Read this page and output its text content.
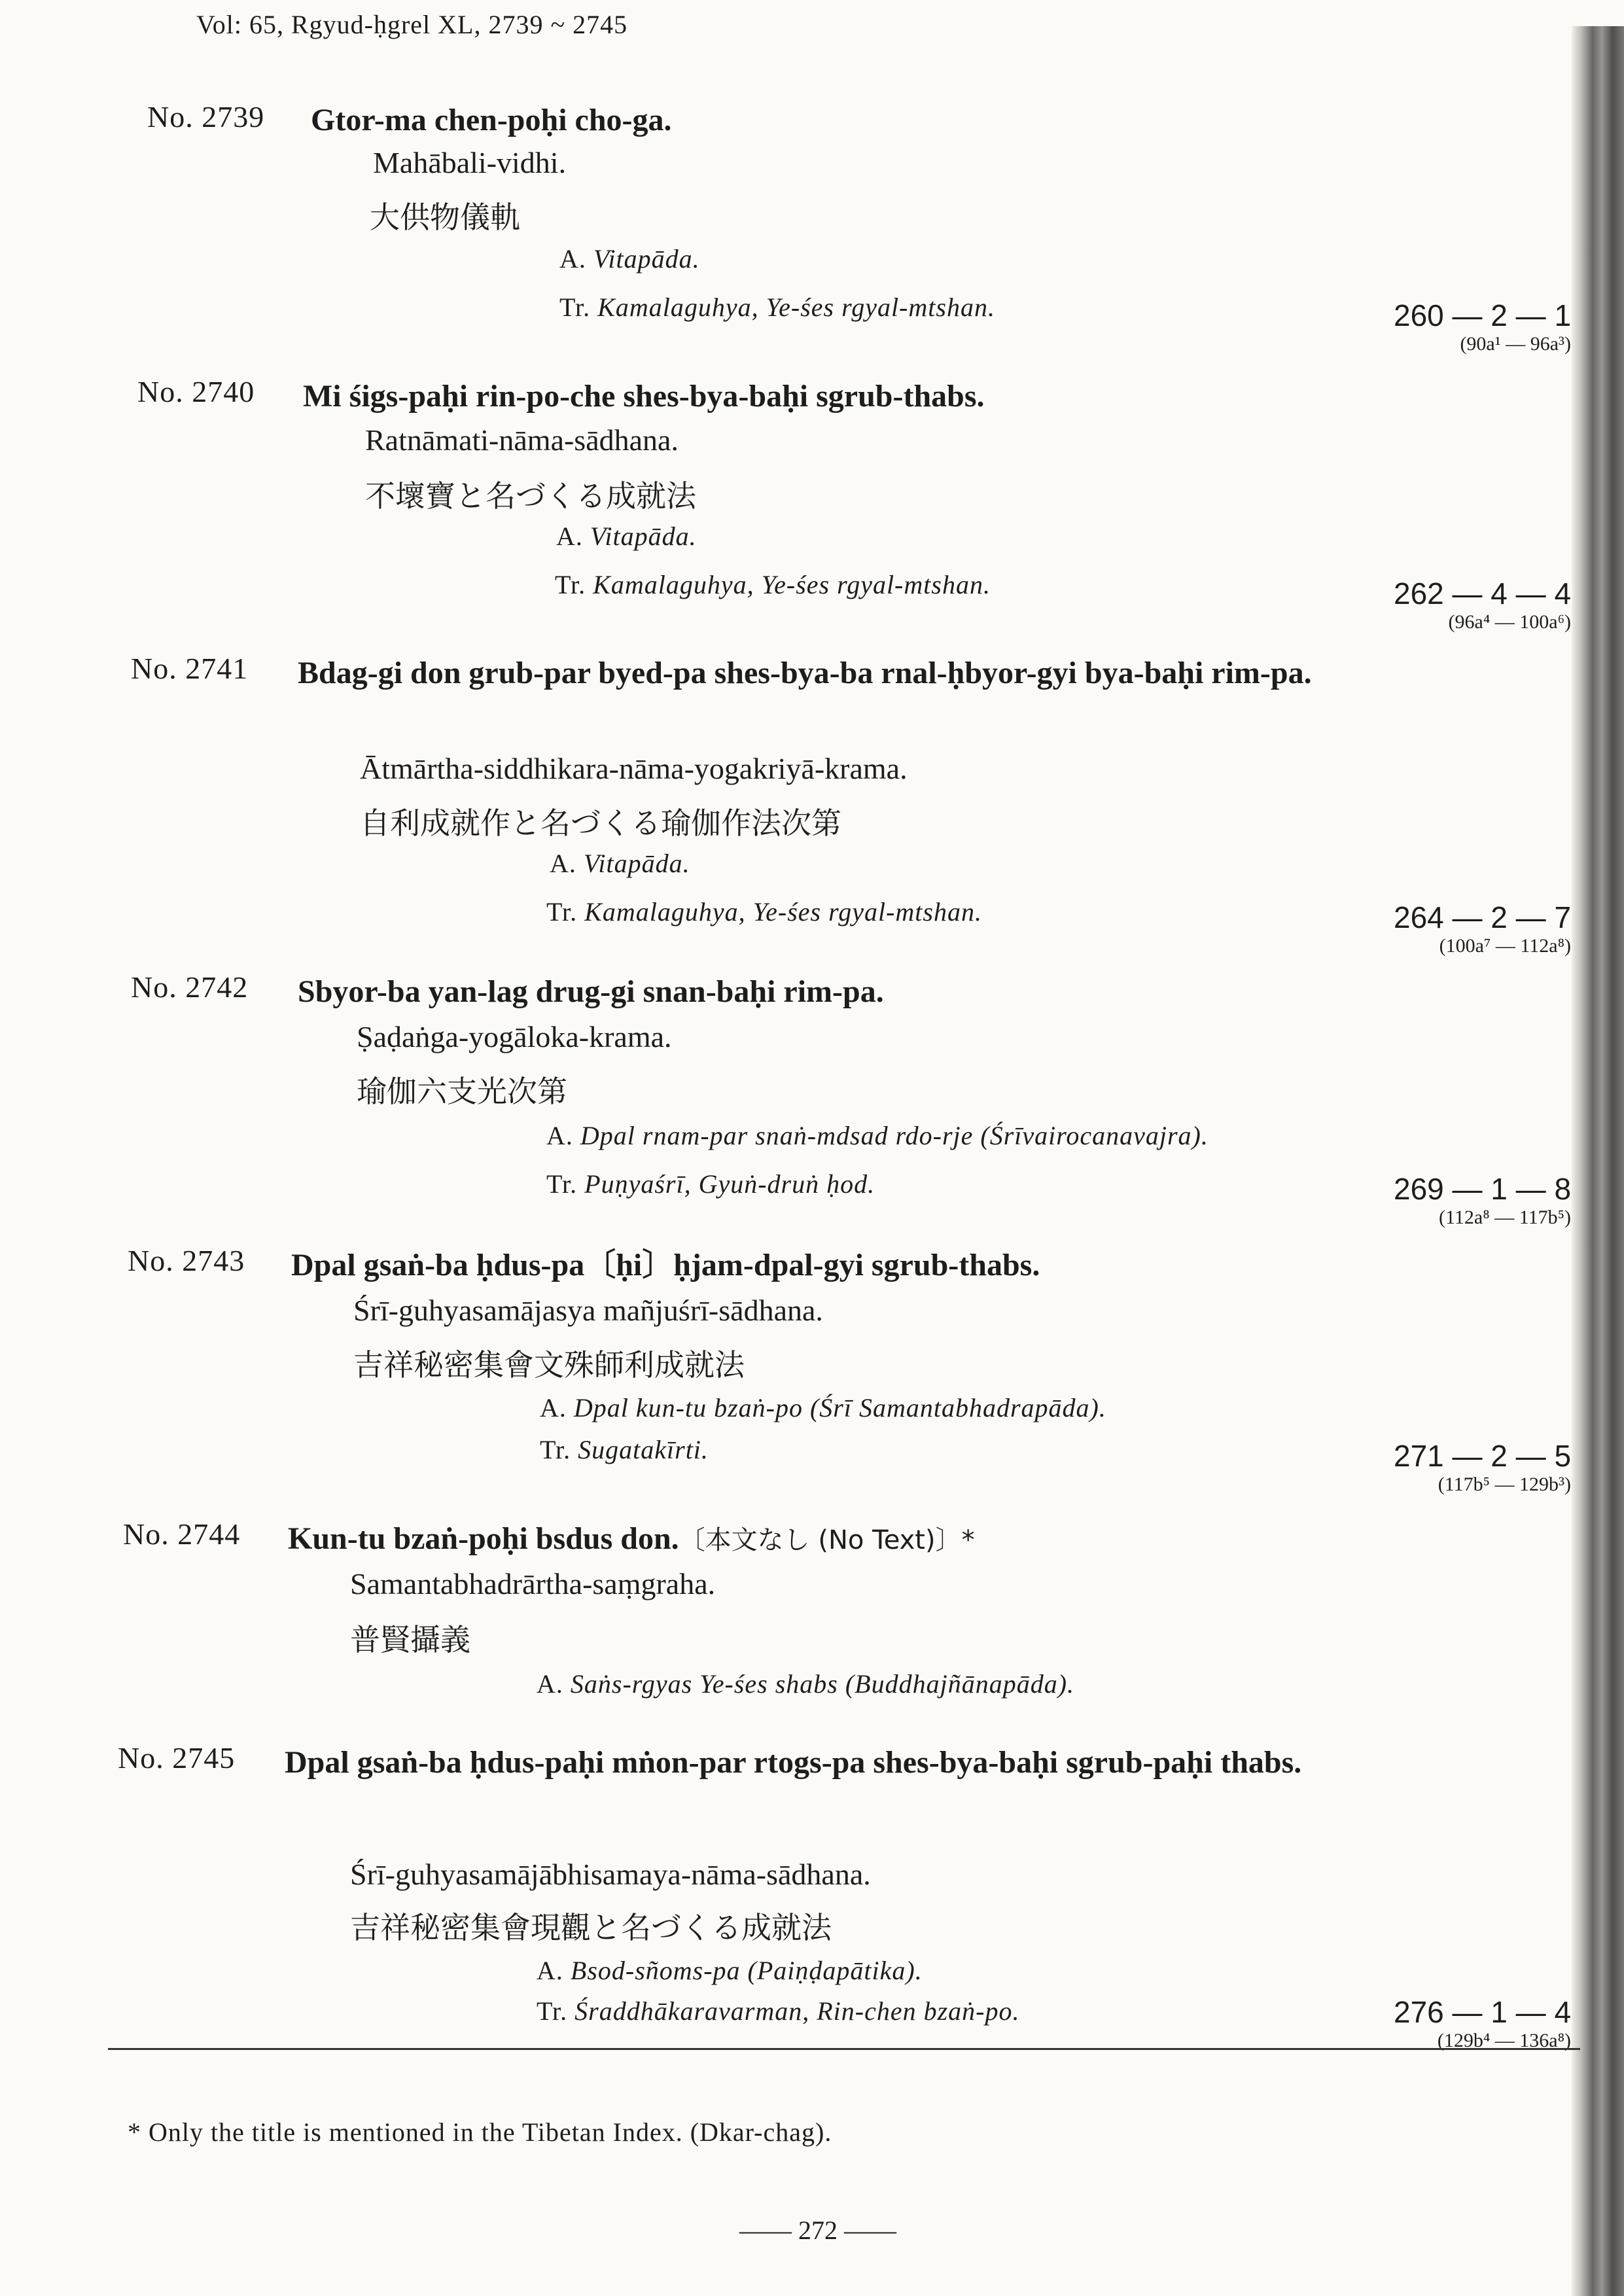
Vol: 65, Rgyud-ḥgrel XL, 2739 ~ 2745
No. 2739 Gtor-ma chen-poḥi cho-ga.
Mahābali-vidhi.
大供物儀軌
A. Vitapāda.
Tr. Kamalaguhya, Ye-śes rgyal-mtshan.	260 — 2 — 1
(90a¹ — 96a³)
No. 2740 Mi śigs-paḥi rin-po-che shes-bya-baḥi sgrub-thabs.
Ratnāmati-nāma-sādhana.
不壞寶と名づくる成就法
A. Vitapāda.
Tr. Kamalaguhya, Ye-śes rgyal-mtshan.	262 — 4 — 4
(96a⁴ — 100a⁶)
No. 2741 Bdag-gi don grub-par byed-pa shes-bya-ba rnal-ḥbyor-gyi bya-baḥi rim-pa.
Ātmārtha-siddhikara-nāma-yogakriyā-krama.
自利成就作と名づくる瑜伽作法次第
A. Vitapāda.
Tr. Kamalaguhya, Ye-śes rgyal-mtshan.	264 — 2 — 7
(100a⁷ — 112a⁸)
No. 2742 Sbyor-ba yan-lag drug-gi snan-baḥi rim-pa.
Ṣaḍaṅga-yogāloka-krama.
瑜伽六支光次第
A. Dpal rnam-par snaṅ-mdsad rdo-rje (Śrīvairocanavajra).
Tr. Puṇyaśrī, Gyuṅ-druṅ ḥod.	269 — 1 — 8
(112a⁸ — 117b⁵)
No. 2743 Dpal gsaṅ-ba ḥdus-pa〔ḥi〕ḥjam-dpal-gyi sgrub-thabs.
Śrī-guhyasamājasya mañjuśrī-sādhana.
吉祥秘密集會文殊師利成就法
A. Dpal kun-tu bzaṅ-po (Śrī Samantabhadrapāda).
Tr. Sugatakīrti.	271 — 2 — 5
(117b⁵ — 129b³)
No. 2744 Kun-tu bzaṅ-poḥi bsdus don.〔本文なし (No Text)〕*
Samantabhadrārtha-saṃgraha.
普賢攝義
A. Saṅs-rgyas Ye-śes shabs (Buddhajñānapāda).
No. 2745 Dpal gsaṅ-ba ḥdus-paḥi mṅon-par rtogs-pa shes-bya-baḥi sgrub-paḥi thabs.
Śrī-guhyasamājābhisamaya-nāma-sādhana.
吉祥秘密集會現觀と名づくる成就法
A. Bsod-sñoms-pa (Paiṇḍapātika).
Tr. Śraddhākaravarman, Rin-chen bzaṅ-po.	276 — 1 — 4
(129b⁴ — 136a⁸)
* Only the title is mentioned in the Tibetan Index. (Dkar-chag).
—— 272 ——
